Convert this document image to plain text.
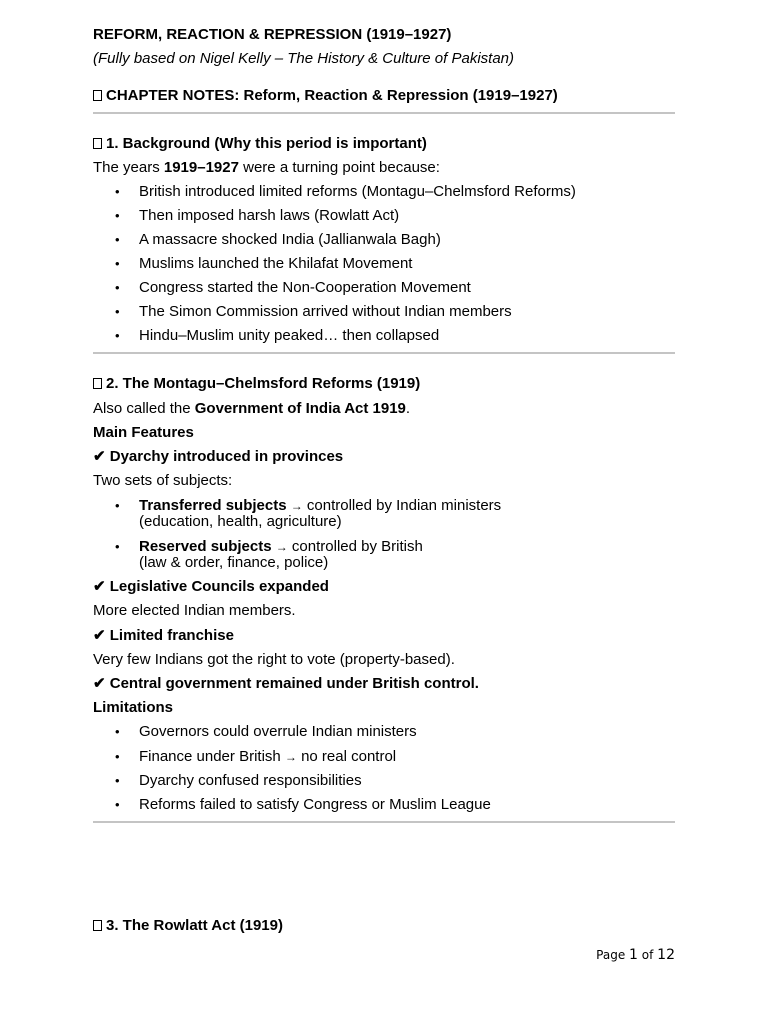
REFORM, REACTION & REPRESSION (1919–1927)
(Fully based on Nigel Kelly – The History & Culture of Pakistan)
CHAPTER NOTES: Reform, Reaction & Repression (1919–1927)
1. Background (Why this period is important)
The years 1919–1927 were a turning point because:
• British introduced limited reforms (Montagu–Chelmsford Reforms)
• Then imposed harsh laws (Rowlatt Act)
• A massacre shocked India (Jallianwala Bagh)
• Muslims launched the Khilafat Movement
• Congress started the Non-Cooperation Movement
• The Simon Commission arrived without Indian members
• Hindu–Muslim unity peaked… then collapsed
2. The Montagu–Chelmsford Reforms (1919)
Also called the Government of India Act 1919.
Main Features
✔ Dyarchy introduced in provinces
Two sets of subjects:
• Transferred subjects → controlled by Indian ministers
(education, health, agriculture)
• Reserved subjects → controlled by British
(law & order, finance, police)
✔ Legislative Councils expanded
More elected Indian members.
✔ Limited franchise
Very few Indians got the right to vote (property-based).
✔ Central government remained under British control.
Limitations
• Governors could overrule Indian ministers
• Finance under British → no real control
• Dyarchy confused responsibilities
• Reforms failed to satisfy Congress or Muslim League
3. The Rowlatt Act (1919)
Page 1 of 12
